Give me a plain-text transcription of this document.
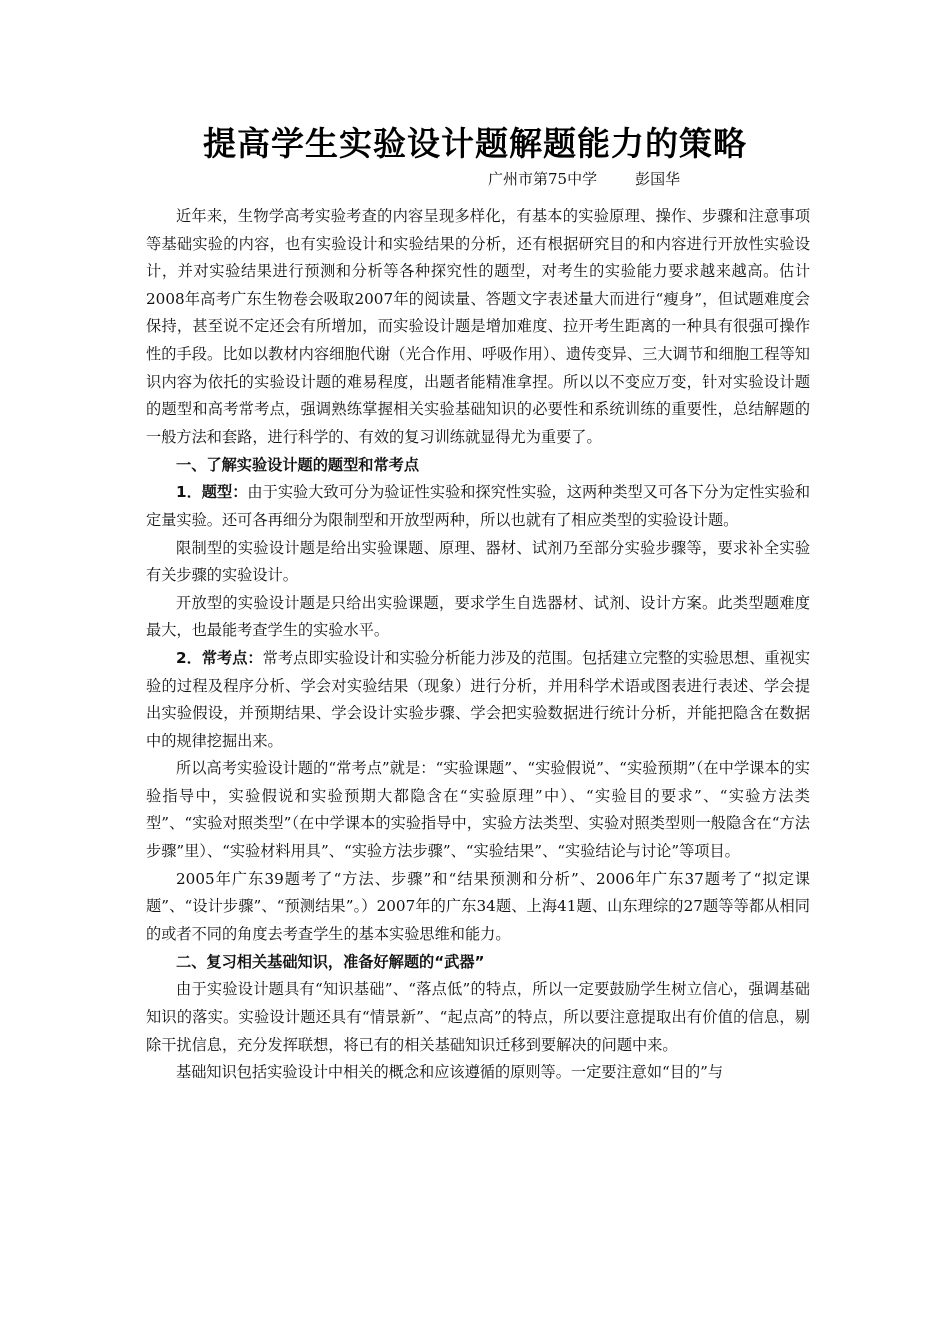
提高学生实验设计题解题能力的策略
广州市第75中学	彭国华

近年来，生物学高考实验考查的内容呈现多样化，有基本的实验原理、操作、步骤和注意事项等基础实验的内容，也有实验设计和实验结果的分析，还有根据研究目的和内容进行开放性实验设计，并对实验结果进行预测和分析等各种探究性的题型，对考生的实验能力要求越来越高。估计2008年高考广东生物卷会吸取2007年的阅读量、答题文字表述量大而进行“瘦身”，但试题难度会保持，甚至说不定还会有所增加，而实验设计题是增加难度、拉开考生距离的一种具有很强可操作性的手段。比如以教材内容细胞代谢（光合作用、呼吸作用）、遗传变异、三大调节和细胞工程等知识内容为依托的实验设计题的难易程度，出题者能精准拿捏。所以以不变应万变，针对实验设计题的题型和高考常考点，强调熟练掌握相关实验基础知识的必要性和系统训练的重要性，总结解题的一般方法和套路，进行科学的、有效的复习训练就显得尤为重要了。

一、了解实验设计题的题型和常考点

1．题型：由于实验大致可分为验证性实验和探究性实验，这两种类型又可各下分为定性实验和定量实验。还可各再细分为限制型和开放型两种，所以也就有了相应类型的实验设计题。

限制型的实验设计题是给出实验课题、原理、器材、试剂乃至部分实验步骤等，要求补全实验有关步骤的实验设计。

开放型的实验设计题是只给出实验课题，要求学生自选器材、试剂、设计方案。此类型题难度最大，也最能考查学生的实验水平。

2．常考点：常考点即实验设计和实验分析能力涉及的范围。包括建立完整的实验思想、重视实验的过程及程序分析、学会对实验结果（现象）进行分析，并用科学术语或图表进行表述、学会提出实验假设，并预期结果、学会设计实验步骤、学会把实验数据进行统计分析，并能把隐含在数据中的规律挖掘出来。

所以高考实验设计题的“常考点”就是：“实验课题”、“实验假说”、“实验预期”（在中学课本的实验指导中，实验假说和实验预期大都隐含在“实验原理”中）、“实验目的要求”、“实验方法类型”、“实验对照类型”（在中学课本的实验指导中，实验方法类型、实验对照类型则一般隐含在“方法步骤”里）、“实验材料用具”、“实验方法步骤”、“实验结果”、“实验结论与讨论”等项目。

2005年广东39题考了“方法、步骤”和“结果预测和分析”、2006年广东37题考了“拟定课题”、“设计步骤”、“预测结果”。）2007年的广东34题、上海41题、山东理综的27题等等都从相同的或者不同的角度去考查学生的基本实验思维和能力。

二、复习相关基础知识，准备好解题的“武器”

由于实验设计题具有“知识基础”、“落点低”的特点，所以一定要鼓励学生树立信心，强调基础知识的落实。实验设计题还具有“情景新”、“起点高”的特点，所以要注意提取出有价值的信息，剔除干扰信息，充分发挥联想，将已有的相关基础知识迁移到要解决的问题中来。

基础知识包括实验设计中相关的概念和应该遵循的原则等。一定要注意如“目的”与
